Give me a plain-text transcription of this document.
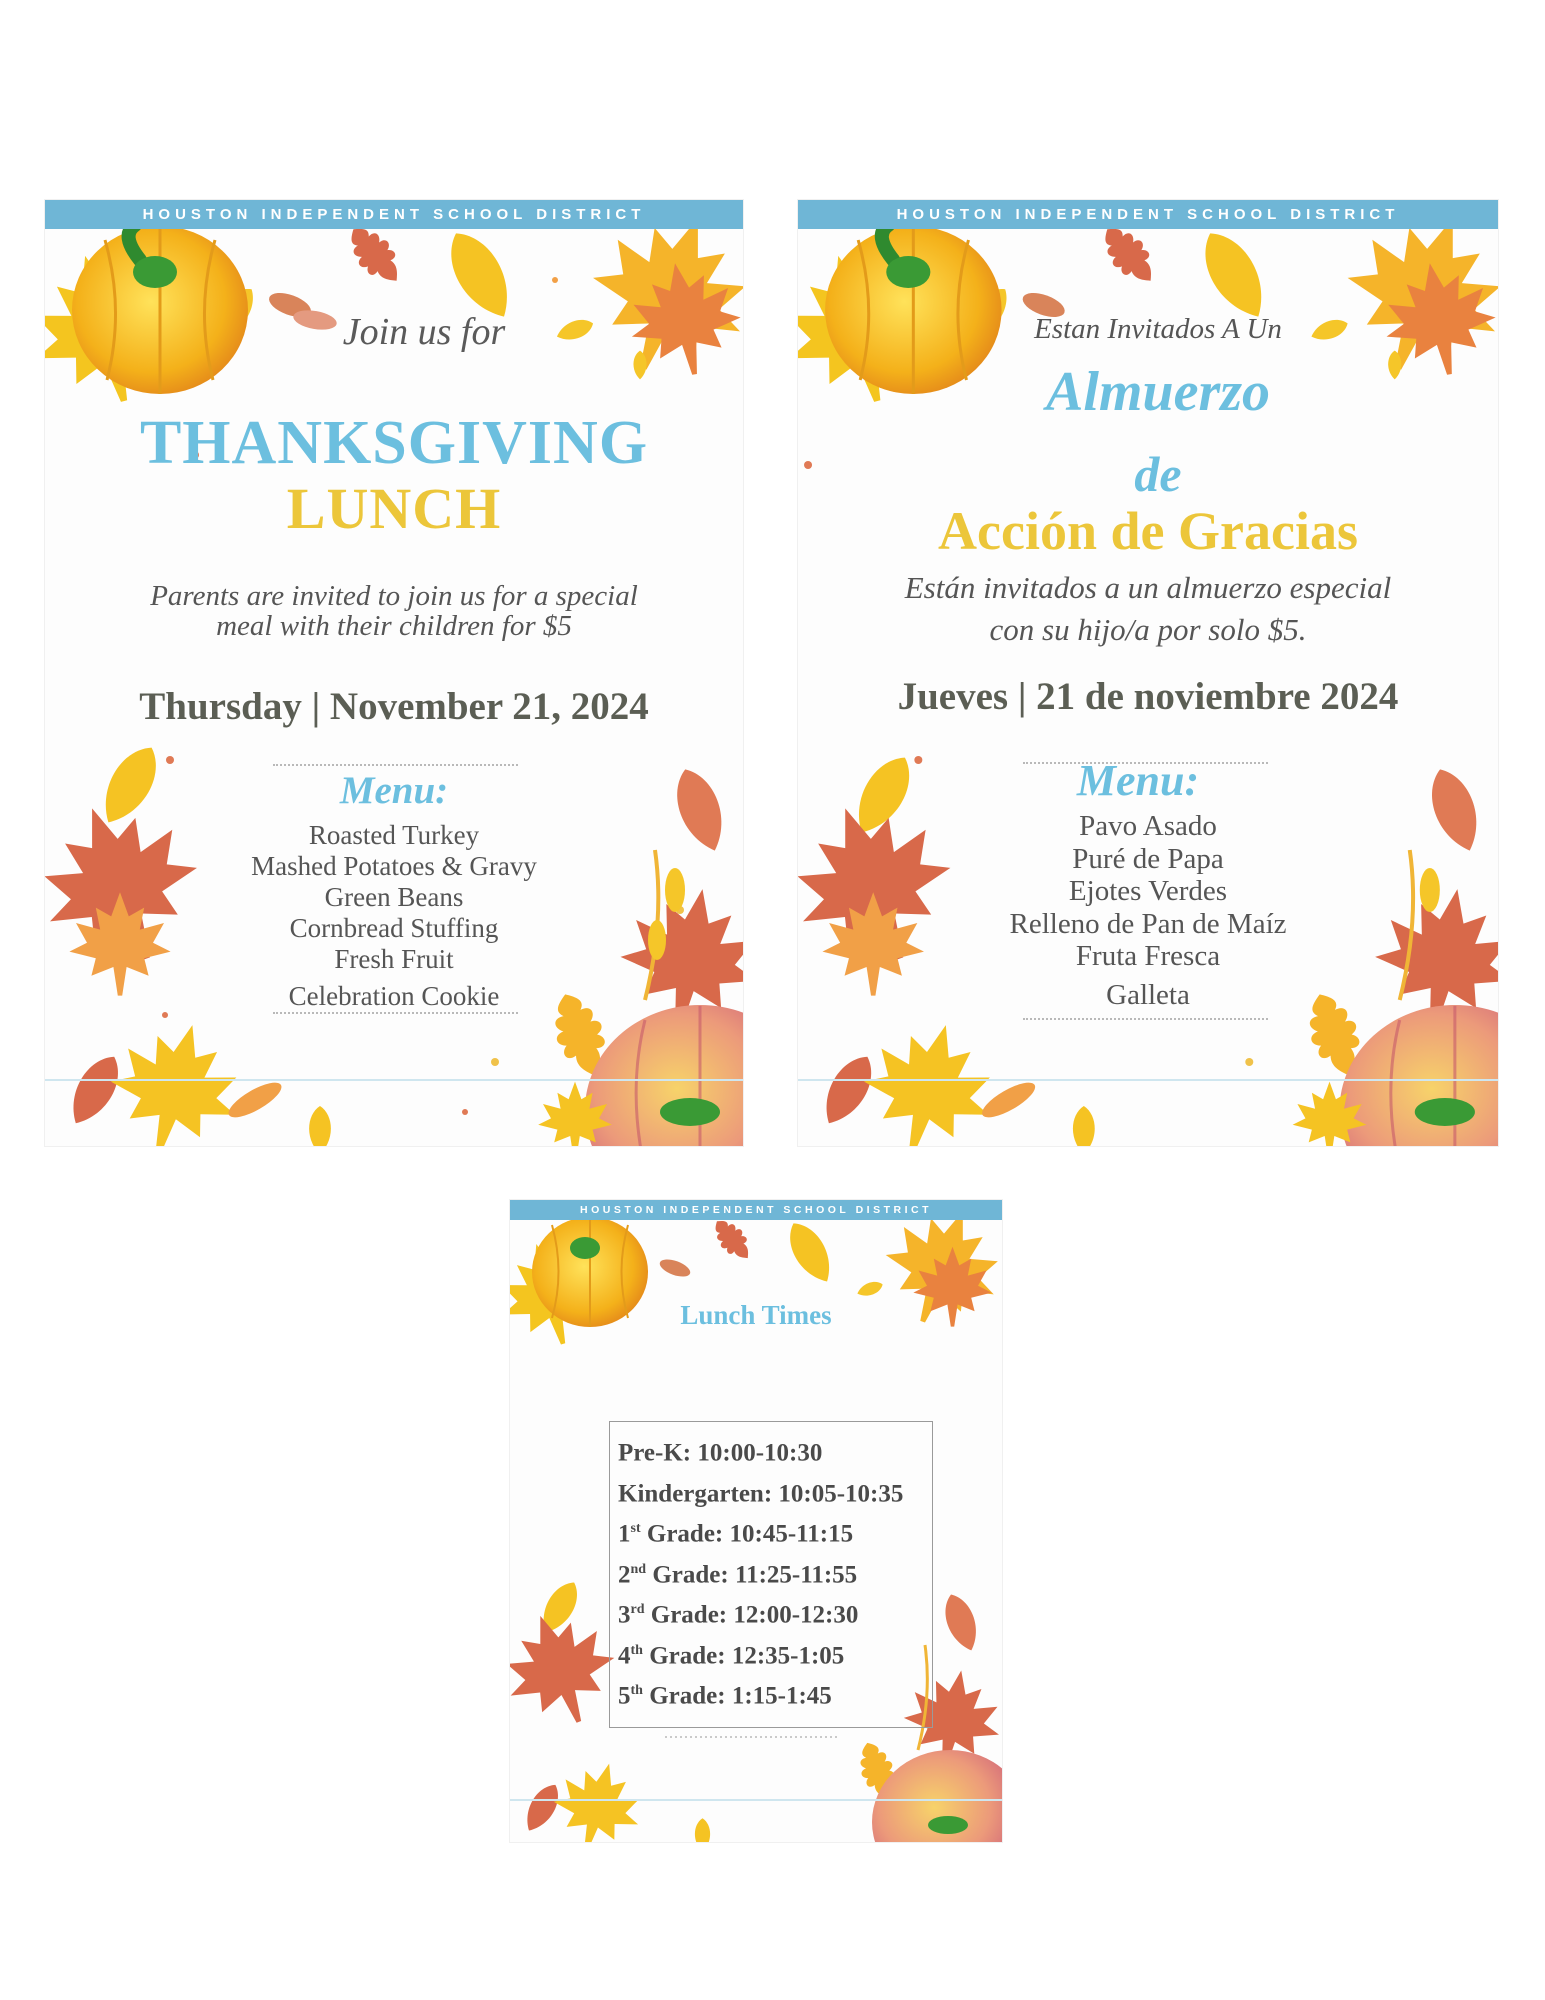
HOUSTON INDEPENDENT SCHOOL DISTRICT
Join us for
THANKSGIVING
LUNCH
Parents are invited to join us for a special
meal with their children for $5
Thursday | November 21, 2024
Menu:
Roasted Turkey
Mashed Potatoes & Gravy
Green Beans
Cornbread Stuffing
Fresh Fruit
Celebration Cookie
HOUSTON INDEPENDENT SCHOOL DISTRICT
Estan Invitados A Un
Almuerzo
de
Acción de Gracias
Están invitados a un almuerzo especial
con su hijo/a por solo $5.
Jueves | 21 de noviembre 2024
Menu:
Pavo Asado
Puré de Papa
Ejotes Verdes
Relleno de Pan de Maíz
Fruta Fresca
Galleta
HOUSTON INDEPENDENT SCHOOL DISTRICT
Lunch Times
Pre-K: 10:00-10:30
Kindergarten: 10:05-10:35
1st Grade: 10:45-11:15
2nd Grade: 11:25-11:55
3rd Grade: 12:00-12:30
4th Grade: 12:35-1:05
5th Grade: 1:15-1:45
